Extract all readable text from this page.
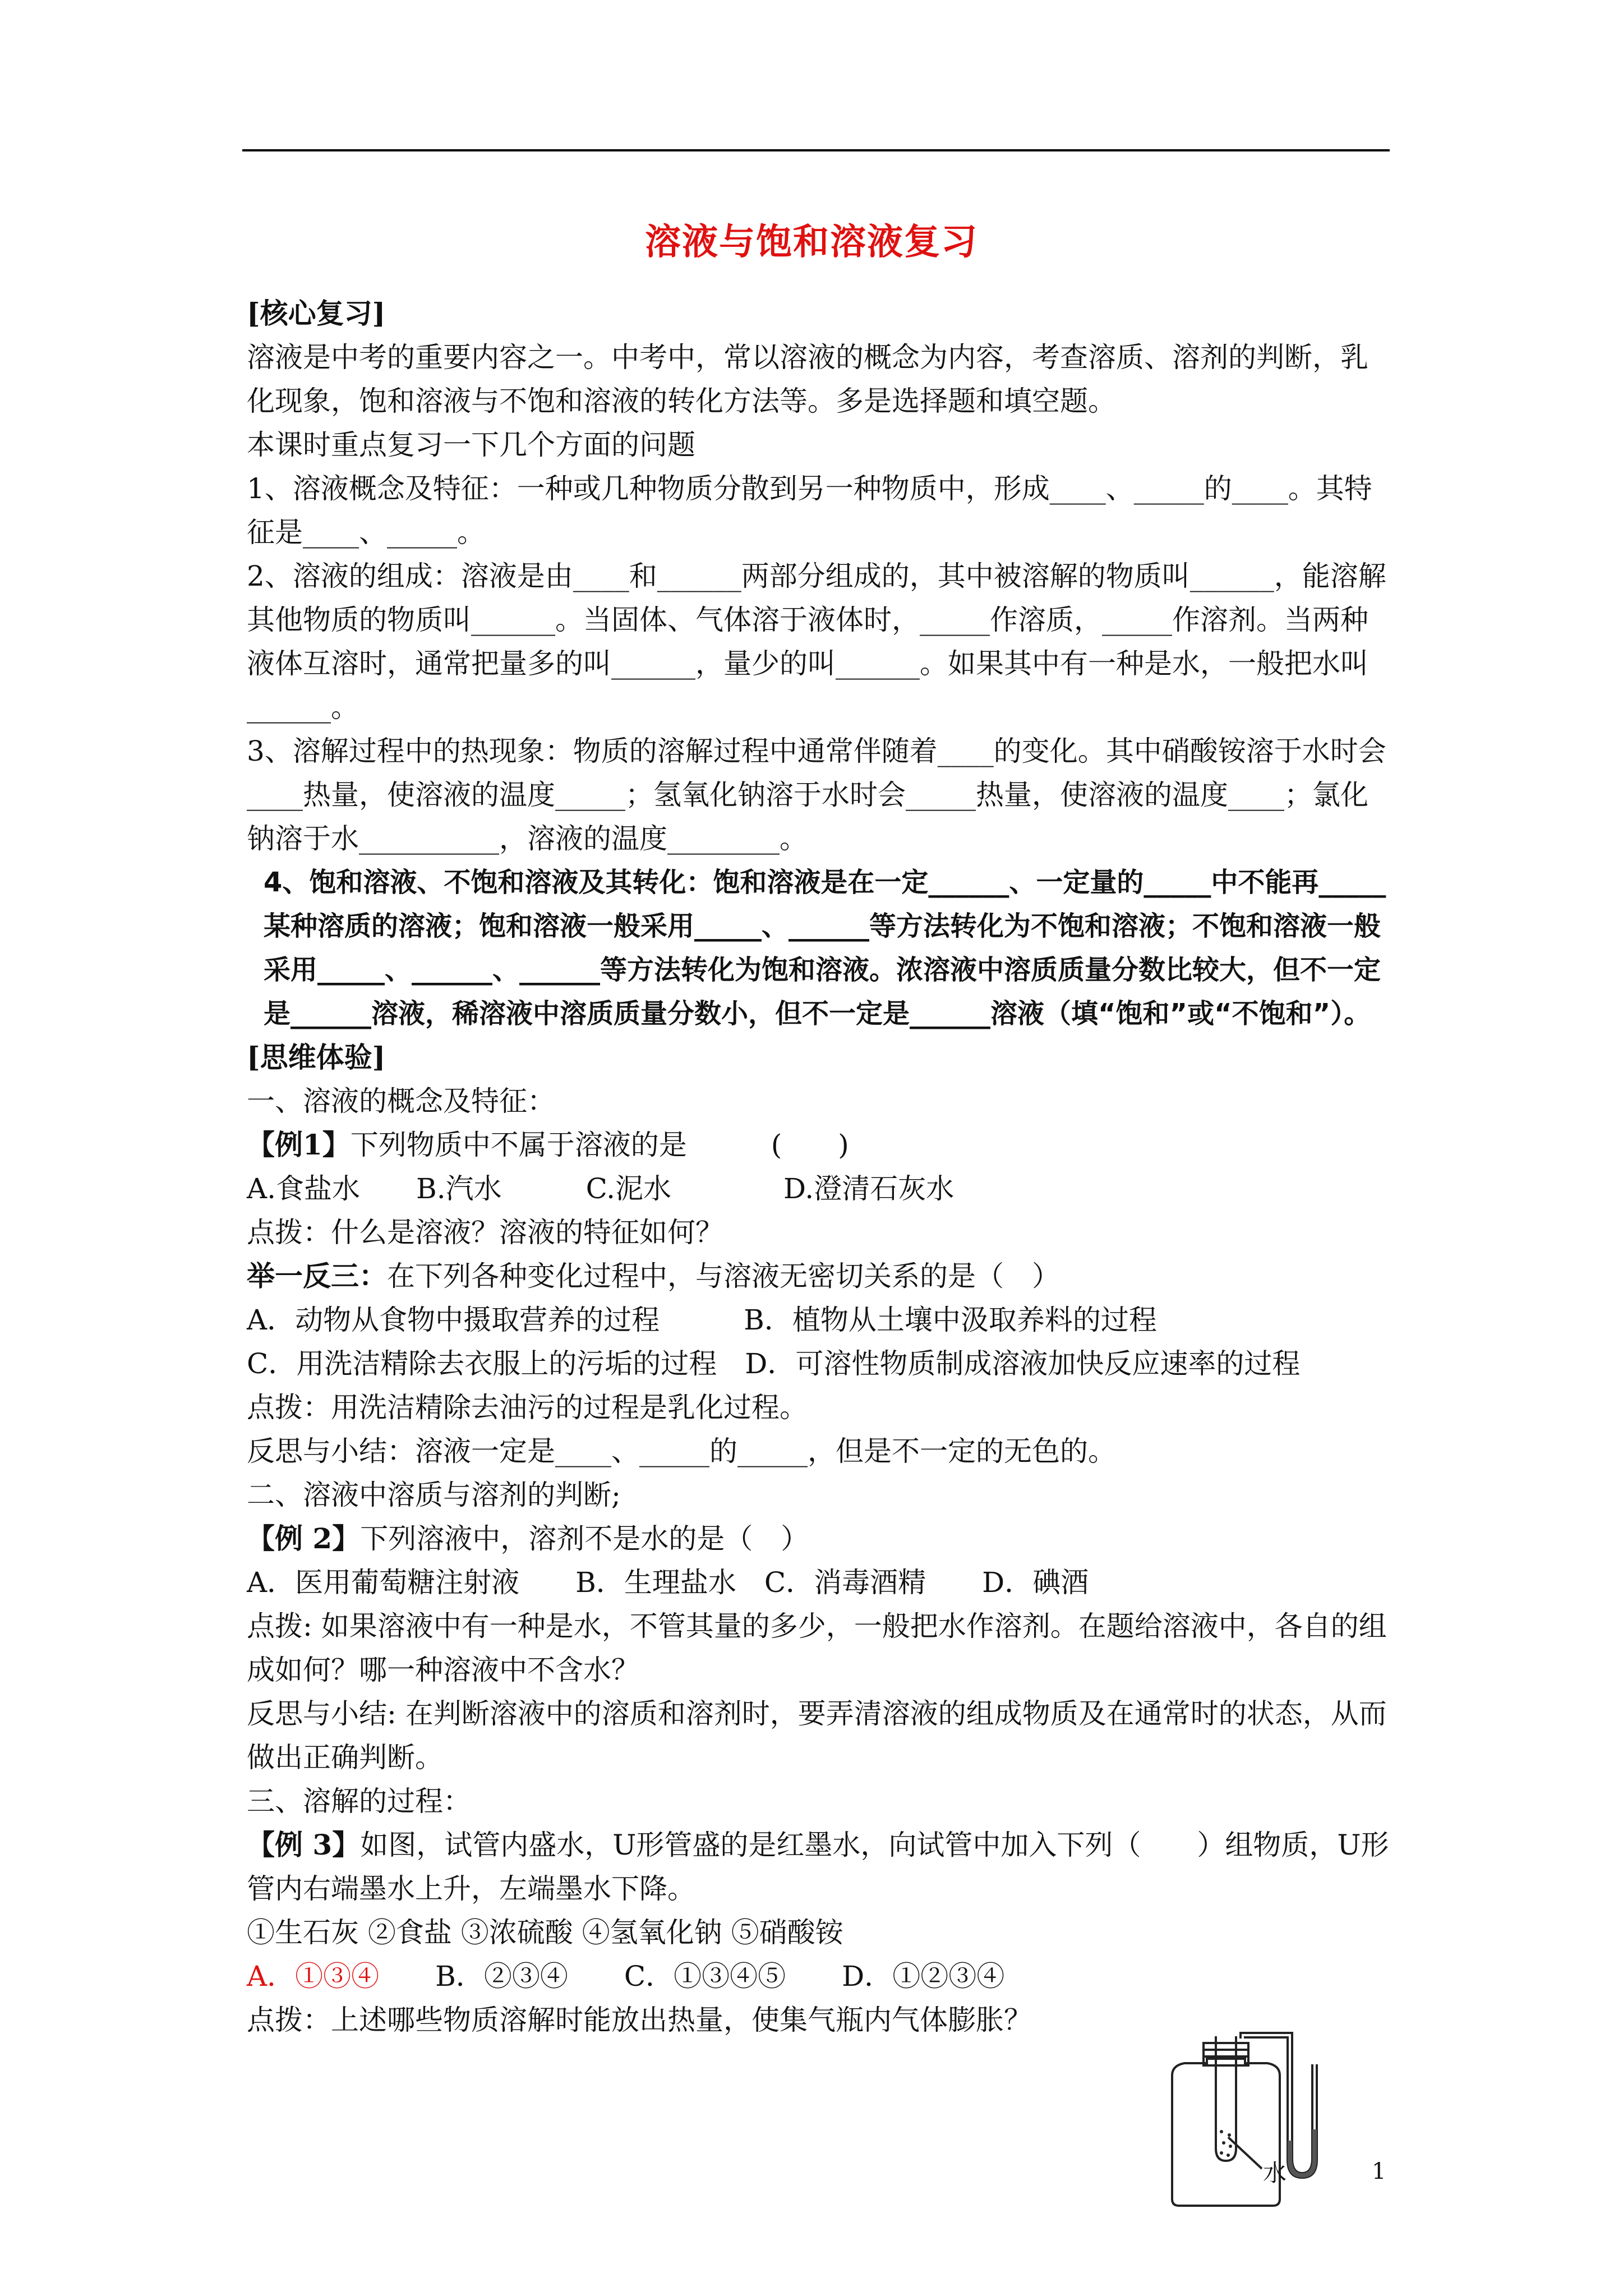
溶液与饱和溶液复习

[核心复习]

溶液是中考的重要内容之一。中考中，常以溶液的概念为内容，考查溶质、溶剂的判断，乳化现象，饱和溶液与不饱和溶液的转化方法等。多是选择题和填空题。

本课时重点复习一下几个方面的问题

1、溶液概念及特征：一种或几种物质分散到另一种物质中，形成____、_____的____。其特征是____、_____。

2、溶液的组成：溶液是由____和______两部分组成的，其中被溶解的物质叫______，能溶解其他物质的物质叫______。当固体、气体溶于液体时，_____作溶质，_____作溶剂。当两种液体互溶时，通常把量多的叫______，量少的叫______。如果其中有一种是水，一般把水叫______。

3、溶解过程中的热现象：物质的溶解过程中通常伴随着____的变化。其中硝酸铵溶于水时会____热量，使溶液的温度_____；氢氧化钠溶于水时会_____热量，使溶液的温度____；氯化钠溶于水__________，溶液的温度________。

4、饱和溶液、不饱和溶液及其转化：饱和溶液是在一定______、一定量的_____中不能再_____某种溶质的溶液；饱和溶液一般采用_____、______等方法转化为不饱和溶液；不饱和溶液一般采用_____、______、______等方法转化为饱和溶液。浓溶液中溶质质量分数比较大，但不一定是______溶液，稀溶液中溶质质量分数小，但不一定是______溶液（填“饱和”或“不饱和”）。

[思维体验]

一、溶液的概念及特征：

【例1】下列物质中不属于溶液的是　　　(　　)

A.食盐水　　B.汽水　　　C.泥水　　　　D.澄清石灰水

点拨：什么是溶液？溶液的特征如何？

举一反三：在下列各种变化过程中，与溶液无密切关系的是（　）

A．动物从食物中摄取营养的过程　　　B．植物从土壤中汲取养料的过程

C．用洗洁精除去衣服上的污垢的过程　D．可溶性物质制成溶液加快反应速率的过程

点拨：用洗洁精除去油污的过程是乳化过程。

反思与小结：溶液一定是____、_____的_____，但是不一定的无色的。

二、溶液中溶质与溶剂的判断;

【例 2】下列溶液中，溶剂不是水的是（　）

A．医用葡萄糖注射液　　B．生理盐水　C．消毒酒精　　D．碘酒

点拨: 如果溶液中有一种是水，不管其量的多少，一般把水作溶剂。在题给溶液中，各自的组成如何？哪一种溶液中不含水？

反思与小结: 在判断溶液中的溶质和溶剂时，要弄清溶液的组成物质及在通常时的状态，从而做出正确判断。

三、溶解的过程：

【例 3】如图，试管内盛水，U形管盛的是红墨水，向试管中加入下列（　　）组物质，U形

管内右端墨水上升，左端墨水下降。

①生石灰 ②食盐 ③浓硫酸 ④氢氧化钠 ⑤硝酸铵

A．①③④　　B．②③④　　C．①③④⑤　　D．①②③④

点拨：上述哪些物质溶解时能放出热量，使集气瓶内气体膨胀？

水	1
